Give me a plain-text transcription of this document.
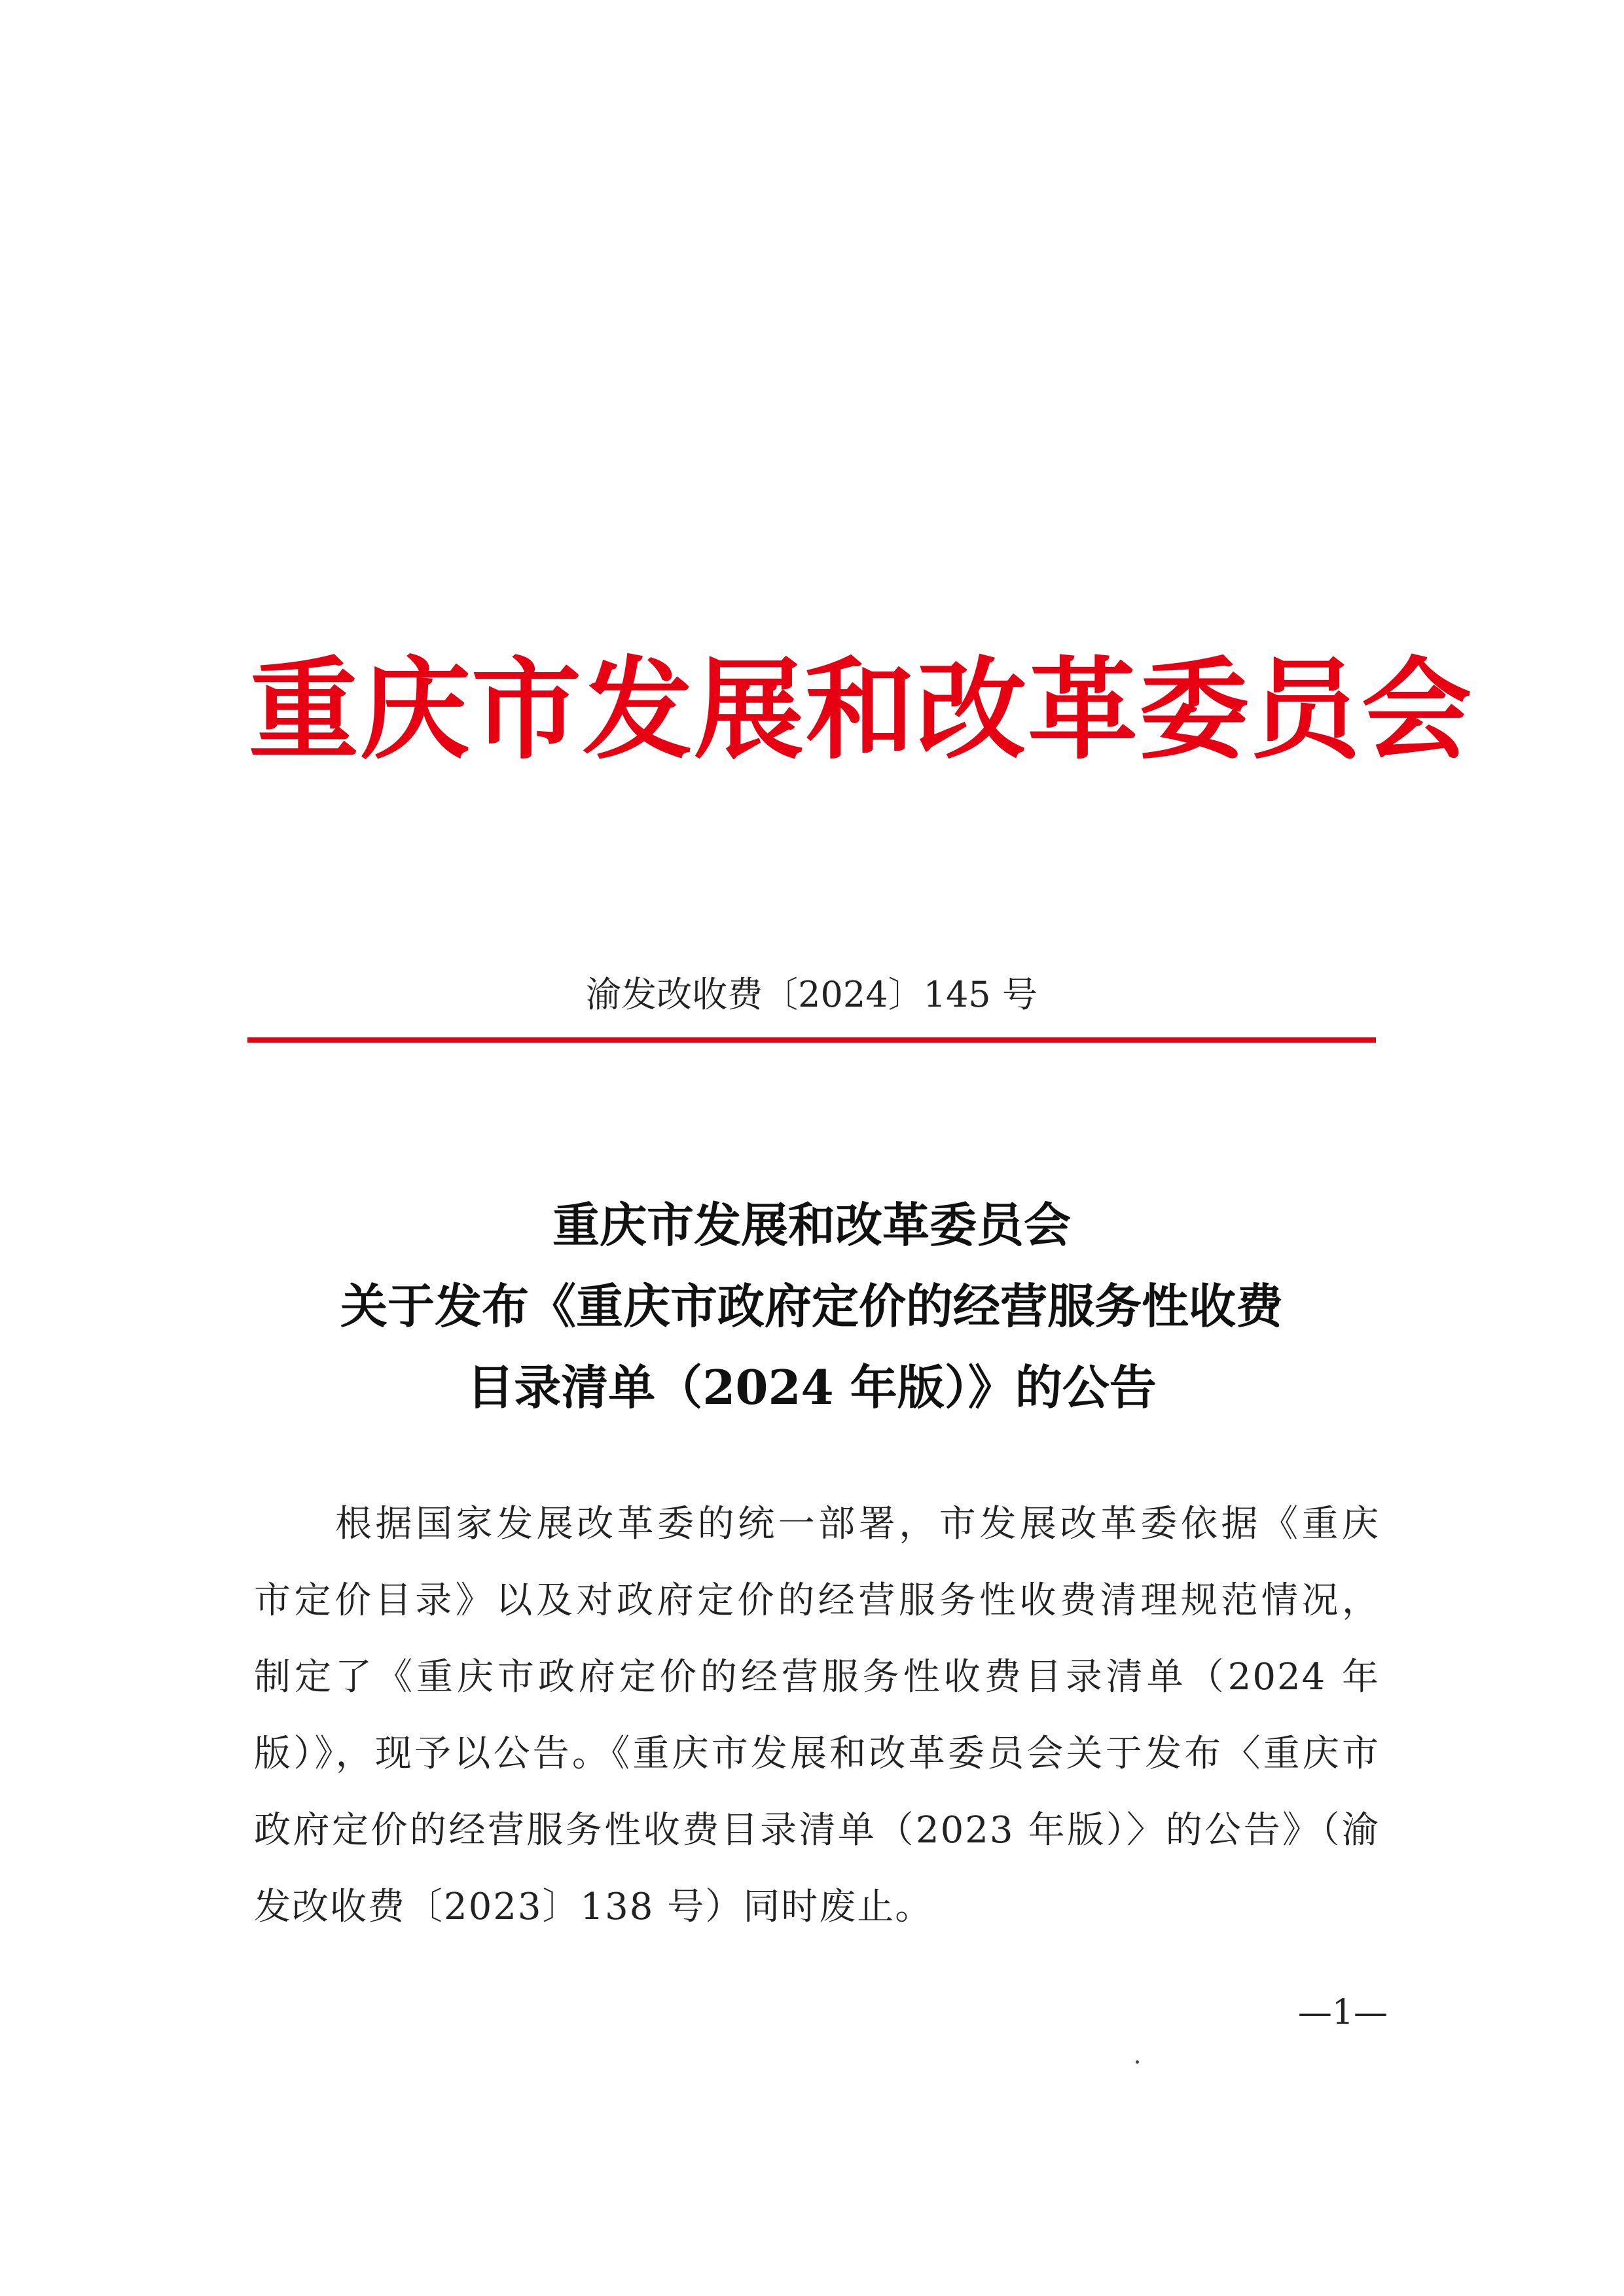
重庆市发展和改革委员会
渝发改收费〔2024〕145 号
重庆市发展和改革委员会
关于发布《重庆市政府定价的经营服务性收费
目录清单（2024 年版）》的公告
根据国家发展改革委的统一部署，市发展改革委依据《重庆
市定价目录》以及对政府定价的经营服务性收费清理规范情况，
制定了《重庆市政府定价的经营服务性收费目录清单（2024 年
版）》，现予以公告。《重庆市发展和改革委员会关于发布〈重庆市
政府定价的经营服务性收费目录清单（2023 年版）〉的公告》（渝
发改收费〔2023〕138 号）同时废止。
—1—
